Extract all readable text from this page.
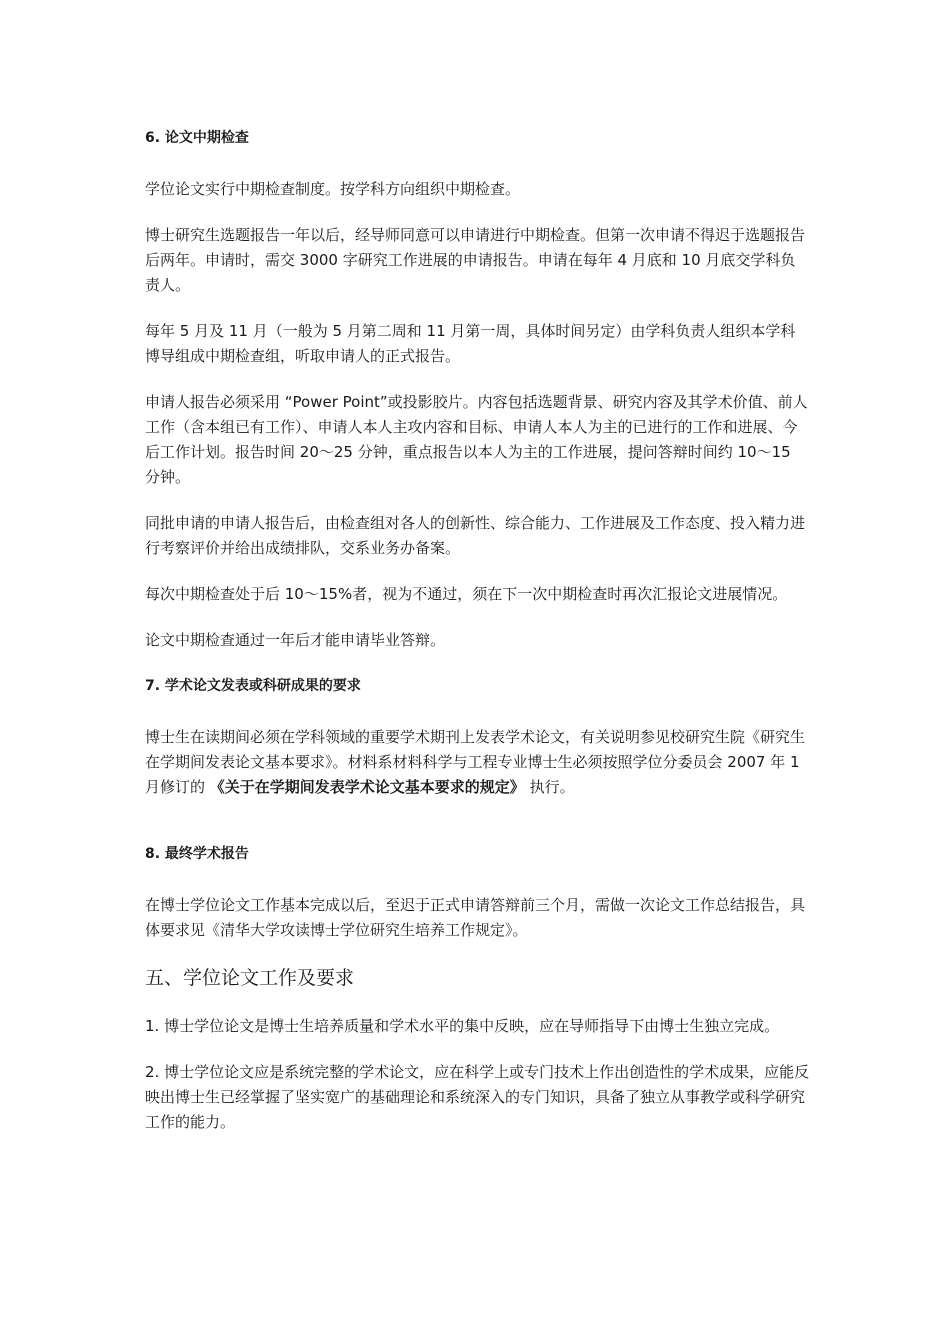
6. 论文中期检查

学位论文实行中期检查制度。按学科方向组织中期检查。

博士研究生选题报告一年以后，经导师同意可以申请进行中期检查。但第一次申请不得迟于选题报告后两年。申请时，需交 3000 字研究工作进展的申请报告。申请在每年 4 月底和 10 月底交学科负责人。

每年 5 月及 11 月（一般为 5 月第二周和 11 月第一周，具体时间另定）由学科负责人组织本学科博导组成中期检查组，听取申请人的正式报告。

申请人报告必须采用 “Power Point”或投影胶片。内容包括选题背景、研究内容及其学术价值、前人工作（含本组已有工作）、申请人本人主攻内容和目标、申请人本人为主的已进行的工作和进展、今后工作计划。报告时间 20～25 分钟，重点报告以本人为主的工作进展，提问答辩时间约 10～15 分钟。

同批申请的申请人报告后，由检查组对各人的创新性、综合能力、工作进展及工作态度、投入精力进行考察评价并给出成绩排队，交系业务办备案。

每次中期检查处于后 10～15%者，视为不通过，须在下一次中期检查时再次汇报论文进展情况。

论文中期检查通过一年后才能申请毕业答辩。

7. 学术论文发表或科研成果的要求

博士生在读期间必须在学科领域的重要学术期刊上发表学术论文，有关说明参见校研究生院《研究生在学期间发表论文基本要求》。材料系材料科学与工程专业博士生必须按照学位分委员会 2007 年 1 月修订的 《关于在学期间发表学术论文基本要求的规定》 执行。

8. 最终学术报告

在博士学位论文工作基本完成以后，至迟于正式申请答辩前三个月，需做一次论文工作总结报告，具体要求见《清华大学攻读博士学位研究生培养工作规定》。

五、学位论文工作及要求

1. 博士学位论文是博士生培养质量和学术水平的集中反映，应在导师指导下由博士生独立完成。

2. 博士学位论文应是系统完整的学术论文，应在科学上或专门技术上作出创造性的学术成果，应能反映出博士生已经掌握了坚实宽广的基础理论和系统深入的专门知识，具备了独立从事教学或科学研究工作的能力。
